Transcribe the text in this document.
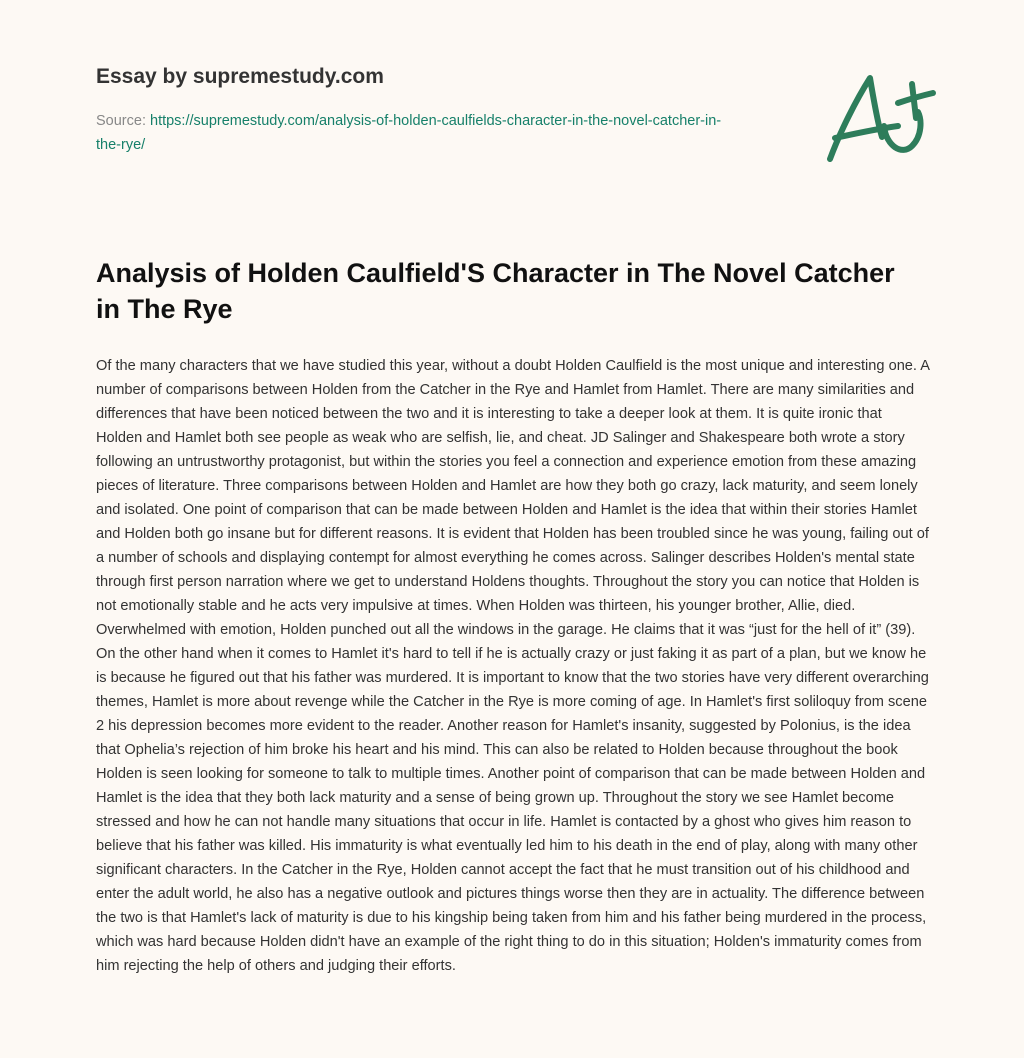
Essay by supremestudy.com
Source: https://supremestudy.com/analysis-of-holden-caulfields-character-in-the-novel-catcher-in-the-rye/
Analysis of Holden Caulfield'S Character in The Novel Catcher in The Rye

Of the many characters that we have studied this year, without a doubt Holden Caulfield is the most unique and interesting one. A number of comparisons between Holden from the Catcher in the Rye and Hamlet from Hamlet. There are many similarities and differences that have been noticed between the two and it is interesting to take a deeper look at them. It is quite ironic that Holden and Hamlet both see people as weak who are selfish, lie, and cheat. JD Salinger and Shakespeare both wrote a story following an untrustworthy protagonist, but within the stories you feel a connection and experience emotion from these amazing pieces of literature. Three comparisons between Holden and Hamlet are how they both go crazy, lack maturity, and seem lonely and isolated. One point of comparison that can be made between Holden and Hamlet is the idea that within their stories Hamlet and Holden both go insane but for different reasons. It is evident that Holden has been troubled since he was young, failing out of a number of schools and displaying contempt for almost everything he comes across. Salinger describes Holden's mental state through first person narration where we get to understand Holdens thoughts. Throughout the story you can notice that Holden is not emotionally stable and he acts very impulsive at times. When Holden was thirteen, his younger brother, Allie, died. Overwhelmed with emotion, Holden punched out all the windows in the garage. He claims that it was “just for the hell of it” (39). On the other hand when it comes to Hamlet it's hard to tell if he is actually crazy or just faking it as part of a plan, but we know he is because he figured out that his father was murdered. It is important to know that the two stories have very different overarching themes, Hamlet is more about revenge while the Catcher in the Rye is more coming of age. In Hamlet's first soliloquy from scene 2 his depression becomes more evident to the reader. Another reason for Hamlet's insanity, suggested by Polonius, is the idea that Ophelia’s rejection of him broke his heart and his mind. This can also be related to Holden because throughout the book Holden is seen looking for someone to talk to multiple times. Another point of comparison that can be made between Holden and Hamlet is the idea that they both lack maturity and a sense of being grown up. Throughout the story we see Hamlet become stressed and how he can not handle many situations that occur in life. Hamlet is contacted by a ghost who gives him reason to believe that his father was killed. His immaturity is what eventually led him to his death in the end of play, along with many other significant characters. In the Catcher in the Rye, Holden cannot accept the fact that he must transition out of his childhood and enter the adult world, he also has a negative outlook and pictures things worse then they are in actuality. The difference between the two is that Hamlet's lack of maturity is due to his kingship being taken from him and his father being murdered in the process, which was hard because Holden didn't have an example of the right thing to do in this situation; Holden's immaturity comes from him rejecting the help of others and judging their efforts.
